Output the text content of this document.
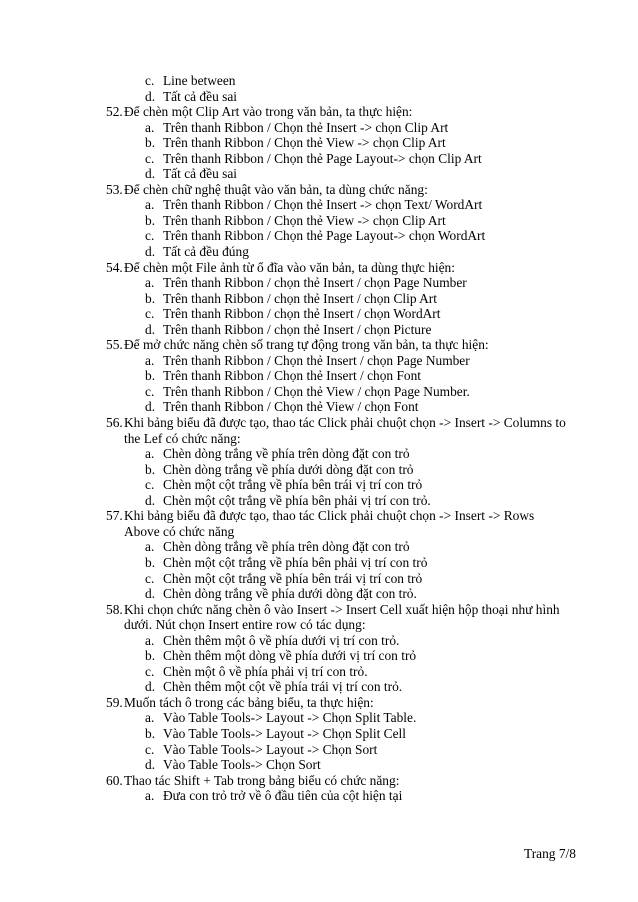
c. Line between
d. Tất cả đều sai
52. Để chèn một Clip Art vào trong văn bản, ta thực hiện:
a. Trên thanh Ribbon / Chọn thẻ Insert -> chọn Clip Art
b. Trên thanh Ribbon / Chọn thẻ View -> chọn Clip Art
c. Trên thanh Ribbon / Chọn thẻ Page Layout-> chọn Clip Art
d. Tất cả đều sai
53. Để chèn chữ nghệ thuật vào văn bản, ta dùng chức năng:
a. Trên thanh Ribbon / Chọn thẻ Insert -> chọn Text/ WordArt
b. Trên thanh Ribbon / Chọn thẻ View -> chọn Clip Art
c. Trên thanh Ribbon / Chọn thẻ Page Layout-> chọn WordArt
d. Tất cả đều đúng
54. Để chèn một File ảnh từ ổ đĩa vào văn bản, ta dùng thực hiện:
a. Trên thanh Ribbon / chọn thẻ Insert / chọn Page Number
b. Trên thanh Ribbon / chọn thẻ Insert / chọn Clip Art
c. Trên thanh Ribbon / chọn thẻ Insert / chọn WordArt
d. Trên thanh Ribbon / chọn thẻ Insert / chọn Picture
55. Để mở chức năng chèn số trang tự động trong văn bản, ta thực hiện:
a. Trên thanh Ribbon / Chọn thẻ Insert / chọn Page Number
b. Trên thanh Ribbon / Chọn thẻ Insert / chọn Font
c. Trên thanh Ribbon / Chọn thẻ View / chọn Page Number.
d. Trên thanh Ribbon / Chọn thẻ View / chọn Font
56. Khi bảng biểu đã được tạo, thao tác Click phải chuột chọn -> Insert -> Columns to
the Lef có chức năng:
a. Chèn dòng trắng về phía trên dòng đặt con trỏ
b. Chèn dòng trắng về phía dưới dòng đặt con trỏ
c. Chèn một cột trắng về phía bên trái vị trí con trỏ
d. Chèn một cột trắng về phía bên phải vị trí con trỏ.
57. Khi bảng biểu đã được tạo, thao tác Click phải chuột chọn -> Insert -> Rows
Above có chức năng
a. Chèn dòng trắng về phía trên dòng đặt con trỏ
b. Chèn một cột trắng về phía bên phải vị trí con trỏ
c. Chèn một cột trắng về phía bên trái vị trí con trỏ
d. Chèn dòng trắng về phía dưới dòng đặt con trỏ.
58. Khi chọn chức năng chèn ô vào Insert -> Insert Cell xuất hiện hộp thoại như hình
dưới. Nút chọn Insert entire row có tác dụng:
a. Chèn thêm một ô về phía dưới vị trí con trỏ.
b. Chèn thêm một dòng về phía dưới vị trí con trỏ
c. Chèn một ô về phía phải vị trí con trỏ.
d. Chèn thêm một cột về phía trái vị trí con trỏ.
59. Muốn tách ô trong các bảng biểu, ta thực hiện:
a. Vào Table Tools-> Layout -> Chọn Split Table.
b. Vào Table Tools-> Layout -> Chọn Split Cell
c. Vào Table Tools-> Layout -> Chọn Sort
d. Vào Table Tools-> Chọn Sort
60. Thao tác Shift + Tab trong bảng biểu có chức năng:
a. Đưa con trỏ trở về ô đầu tiên của cột hiện tại
Trang 7/8
